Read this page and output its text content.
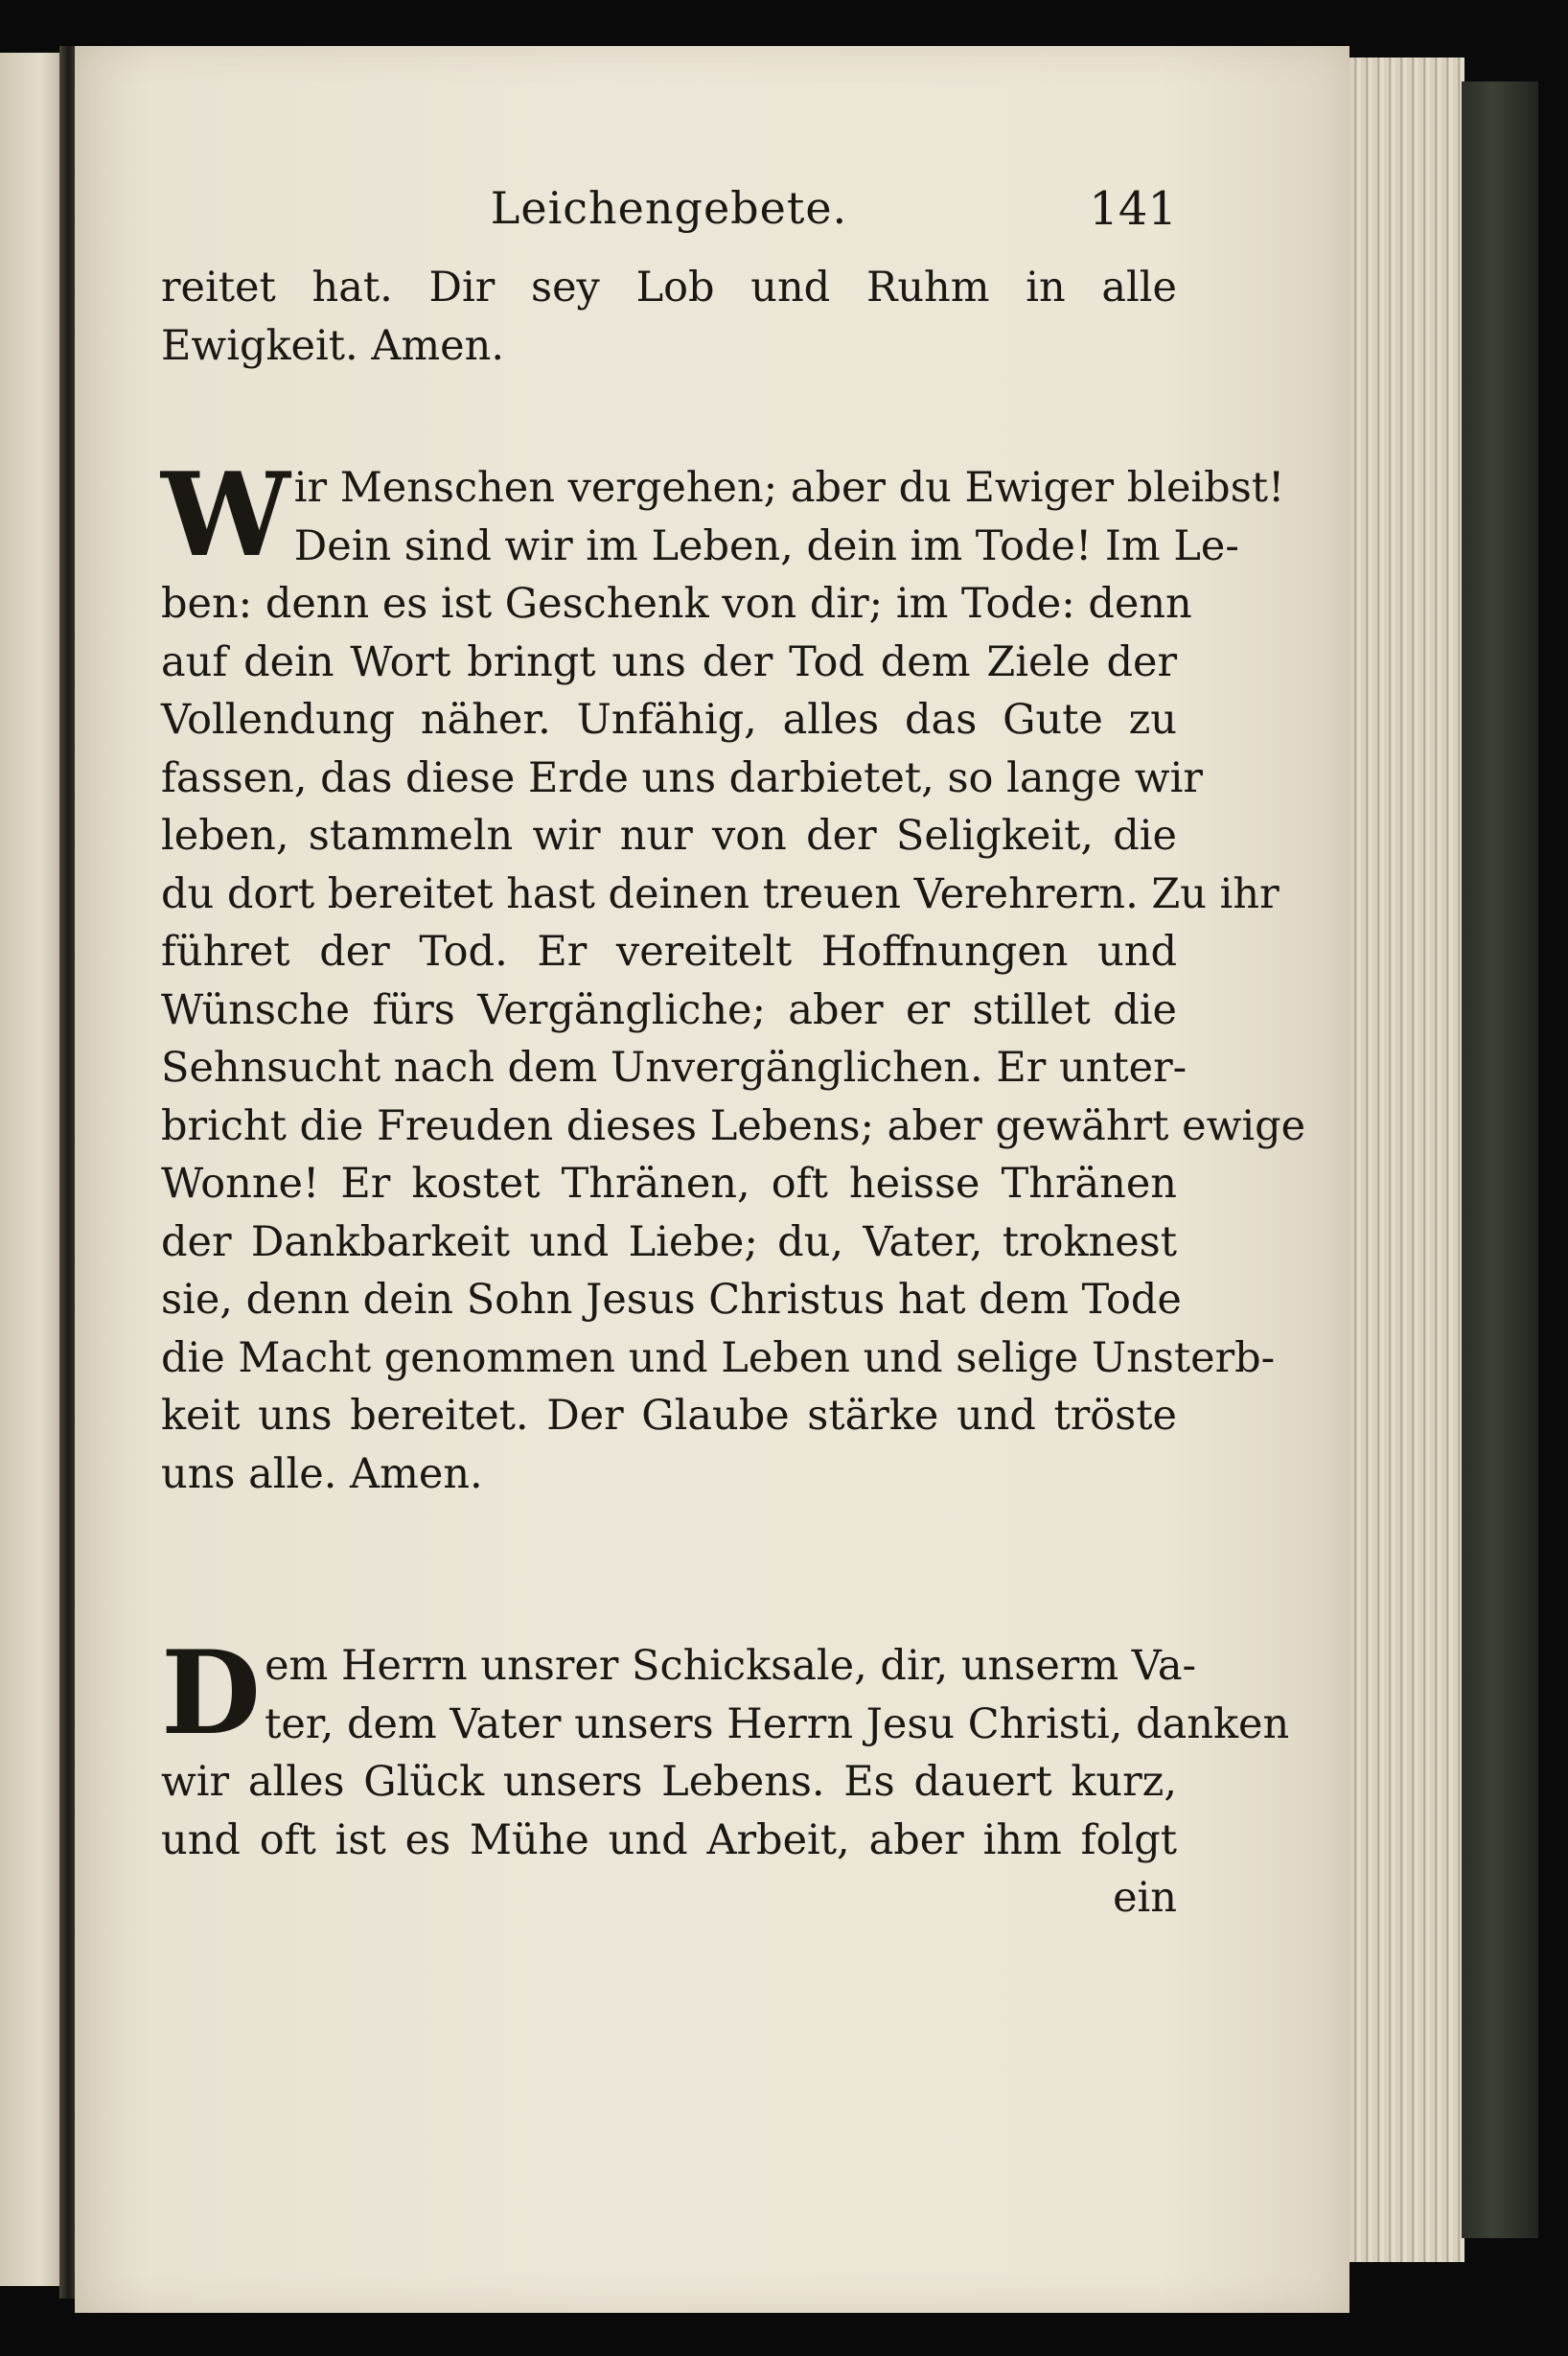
Leichengebete.	141
reitet hat. Dir sey Lob und Ruhm in alle
Ewigkeit. Amen.
W ir Menschen vergehen; aber du Ewiger bleibst!
Dein sind wir im Leben, dein im Tode! Im Le-
ben: denn es ist Geschenk von dir; im Tode: denn
auf dein Wort bringt uns der Tod dem Ziele der
Vollendung näher. Unfähig, alles das Gute zu
fassen, das diese Erde uns darbietet, so lange wir
leben, stammeln wir nur von der Seligkeit, die
du dort bereitet hast deinen treuen Verehrern. Zu ihr
führet der Tod. Er vereitelt Hoffnungen und
Wünsche fürs Vergängliche; aber er stillet die
Sehnsucht nach dem Unvergänglichen. Er unter-
bricht die Freuden dieses Lebens; aber gewährt ewige
Wonne! Er kostet Thränen, oft heisse Thränen
der Dankbarkeit und Liebe; du, Vater, troknest
sie, denn dein Sohn Jesus Christus hat dem Tode
die Macht genommen und Leben und selige Unsterb-
keit uns bereitet. Der Glaube stärke und tröste
uns alle. Amen.
D em Herrn unsrer Schicksale, dir, unserm Va-
ter, dem Vater unsers Herrn Jesu Christi, danken
wir alles Glück unsers Lebens. Es dauert kurz,
und oft ist es Mühe und Arbeit, aber ihm folgt
ein
